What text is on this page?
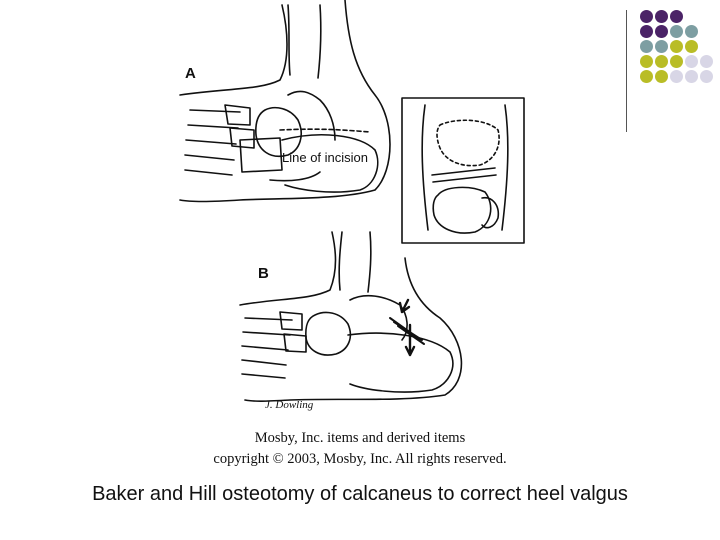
A
Line of incision
B
J. Dowling
Mosby, Inc. items and derived items
copyright © 2003, Mosby, Inc. All rights reserved.
Baker and Hill osteotomy of calcaneus to correct heel valgus
